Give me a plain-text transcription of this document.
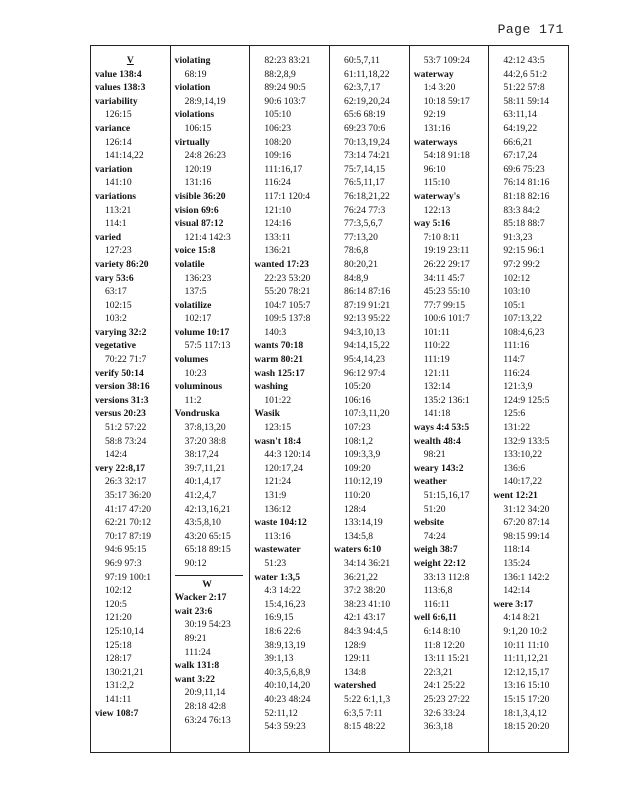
Page 171
V
value 138:4
values 138:3
variability
126:15
variance
126:14
141:14,22
variation
141:10
variations
113:21
114:1
varied
127:23
variety 86:20
vary 53:6
63:17
102:15
103:2
varying 32:2
vegetative
70:22 71:7
verify 50:14
version 38:16
versions 31:3
versus 20:23
51:2 57:22
58:8 73:24
142:4
very 22:8,17
26:3 32:17
35:17 36:20
41:17 47:20
62:21 70:12
70:17 87:19
94:6 95:15
96:9 97:3
97:19 100:1
102:12
120:5
121:20
125:10,14
125:18
128:17
130:21,21
131:2,2
141:11
view 108:7
violating
68:19
violation
28:9,14,19
violations
106:15
virtually
24:8 26:23
120:19
131:16
visible 36:20
vision 69:6
visual 87:12
121:4 142:3
voice 15:8
volatile
136:23
137:5
volatilize
102:17
volume 10:17
57:5 117:13
volumes
10:23
voluminous
11:2
Vondruska
37:8,13,20
37:20 38:8
38:17,24
39:7,11,21
40:1,4,17
41:2,4,7
42:13,16,21
43:5,8,10
43:20 65:15
65:18 89:15
90:12
W
Wacker 2:17
wait 23:6
30:19 54:23
89:21
111:24
walk 131:8
want 3:22
20:9,11,14
28:18 42:8
63:24 76:13
82:23 83:21
88:2,8,9
89:24 90:5
90:6 103:7
105:10
106:23
108:20
109:16
111:16,17
116:24
117:1 120:4
121:10
124:16
133:11
136:21
wanted 17:23
22:23 53:20
55:20 78:21
104:7 105:7
109:5 137:8
140:3
wants 70:18
warm 80:21
wash 125:17
washing
101:22
Wasik
123:15
wasn't 18:4
44:3 120:14
120:17,24
121:24
131:9
136:12
waste 104:12
113:16
wastewater
51:23
water 1:3,5
4:3 14:22
15:4,16,23
16:9,15
18:6 22:6
38:9,13,19
39:1,13
40:3,5,6,8,9
40:10,14,20
40:23 48:24
52:11,12
54:3 59:23
60:5,7,11
61:11,18,22
62:3,7,17
62:19,20,24
65:6 68:19
69:23 70:6
70:13,19,24
73:14 74:21
75:7,14,15
76:5,11,17
76:18,21,22
76:24 77:3
77:3,5,6,7
77:13,20
78:6,8
80:20,21
84:8,9
86:14 87:16
87:19 91:21
92:13 95:22
94:3,10,13
94:14,15,22
95:4,14,23
96:12 97:4
105:20
106:16
107:3,11,20
107:23
108:1,2
109:3,3,9
109:20
110:12,19
110:20
128:4
133:14,19
134:5,8
waters 6:10
34:14 36:21
36:21,22
37:2 38:20
38:23 41:10
42:1 43:17
84:3 94:4,5
128:9
129:11
134:8
watershed
5:22 6:1,1,3
6:3,5 7:11
8:15 48:22
53:7 109:24
waterway
1:4 3:20
10:18 59:17
92:19
131:16
waterways
54:18 91:18
96:10
115:10
waterway's
122:13
way 5:16
7:10 8:11
19:19 23:11
26:22 29:17
34:11 45:7
45:23 55:10
77:7 99:15
100:6 101:7
101:11
110:22
111:19
121:11
132:14
135:2 136:1
141:18
ways 4:4 53:5
wealth 48:4
98:21
weary 143:2
weather
51:15,16,17
51:20
website
74:24
weigh 38:7
weight 22:12
33:13 112:8
113:6,8
116:11
well 6:6,11
6:14 8:10
11:8 12:20
13:11 15:21
22:3,21
24:1 25:22
25:23 27:22
32:6 33:24
36:3,18
42:12 43:5
44:2,6 51:2
51:22 57:8
58:11 59:14
63:11,14
64:19,22
66:6,21
67:17,24
69:6 75:23
76:14 81:16
81:18 82:16
83:3 84:2
85:18 88:7
91:3,23
92:15 96:1
97:2 99:2
102:12
103:10
105:1
107:13,22
108:4,6,23
111:16
114:7
116:24
121:3,9
124:9 125:5
125:6
131:22
132:9 133:5
133:10,22
136:6
140:17,22
went 12:21
31:12 34:20
67:20 87:14
98:15 99:14
118:14
135:24
136:1 142:2
142:14
were 3:17
4:14 8:21
9:1,20 10:2
10:11 11:10
11:11,12,21
12:12,15,17
13:16 15:10
15:15 17:20
18:1,3,4,12
18:15 20:20
